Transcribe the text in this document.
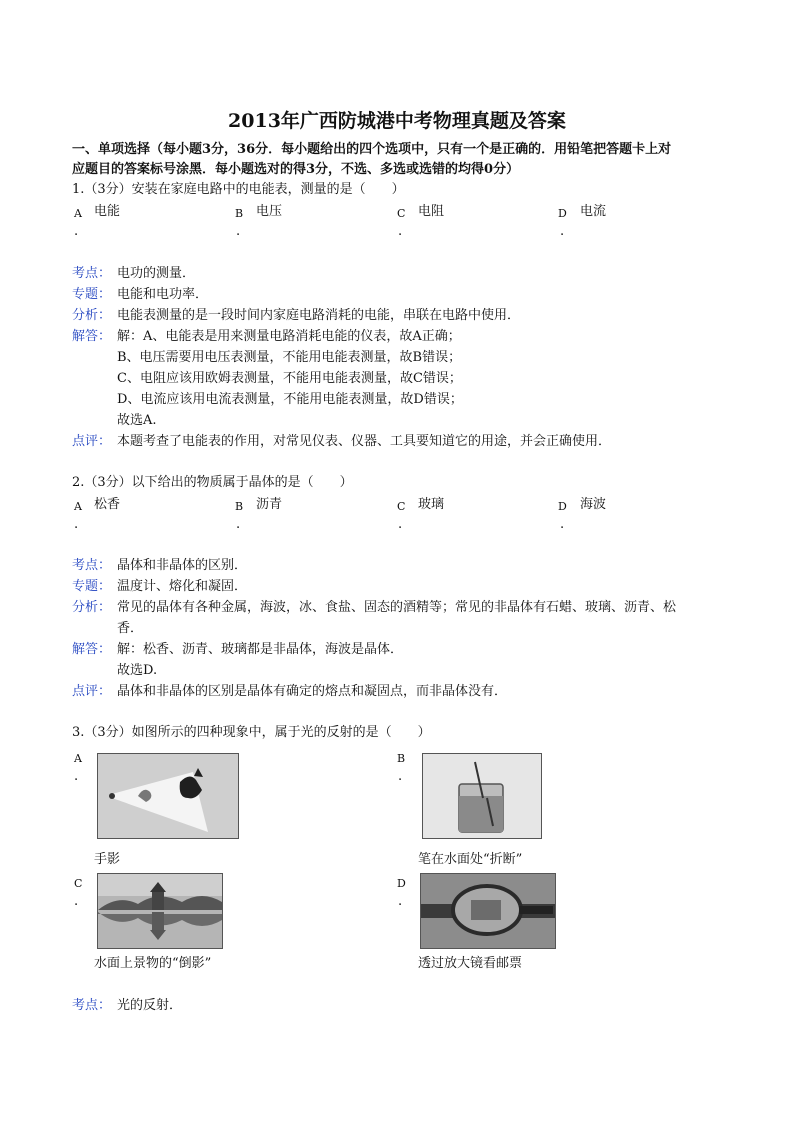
2013年广西防城港中考物理真题及答案
一、单项选择（每小题3分，36分．每小题给出的四个选项中，只有一个是正确的．用铅笔把答题卡上对
应题目的答案标号涂黑．每小题选对的得3分，不选、多选或选错的均得0分）
1.（3分）安装在家庭电路中的电能表，测量的是（　　）
A 电能
.
B 电压
.
C 电阻
.
D 电流
.
考点： 电功的测量．
专题： 电能和电功率．
分析： 电能表测量的是一段时间内家庭电路消耗的电能，串联在电路中使用．
解答： 解：A、电能表是用来测量电路消耗电能的仪表，故A正确；
B、电压需要用电压表测量，不能用电能表测量，故B错误；
C、电阻应该用欧姆表测量，不能用电能表测量，故C错误；
D、电流应该用电流表测量，不能用电能表测量，故D错误；
故选A.
点评： 本题考查了电能表的作用，对常见仪表、仪器、工具要知道它的用途，并会正确使用．
2.（3分）以下给出的物质属于晶体的是（　　）
A 松香
.
B 沥青
.
C 玻璃
.
D 海波
.
考点： 晶体和非晶体的区别．
专题： 温度计、熔化和凝固．
分析： 常见的晶体有各种金属，海波，冰、食盐、固态的酒精等；常见的非晶体有石蜡、玻璃、沥青、松
香．
解答： 解：松香、沥青、玻璃都是非晶体，海波是晶体．
故选D.
点评： 晶体和非晶体的区别是晶体有确定的熔点和凝固点，而非晶体没有．
3.（3分）如图所示的四种现象中，属于光的反射的是（　　）
A
.
手影
B
.
笔在水面处“折断”
C
.
水面上景物的“倒影”
D
.
透过放大镜看邮票
考点： 光的反射．
